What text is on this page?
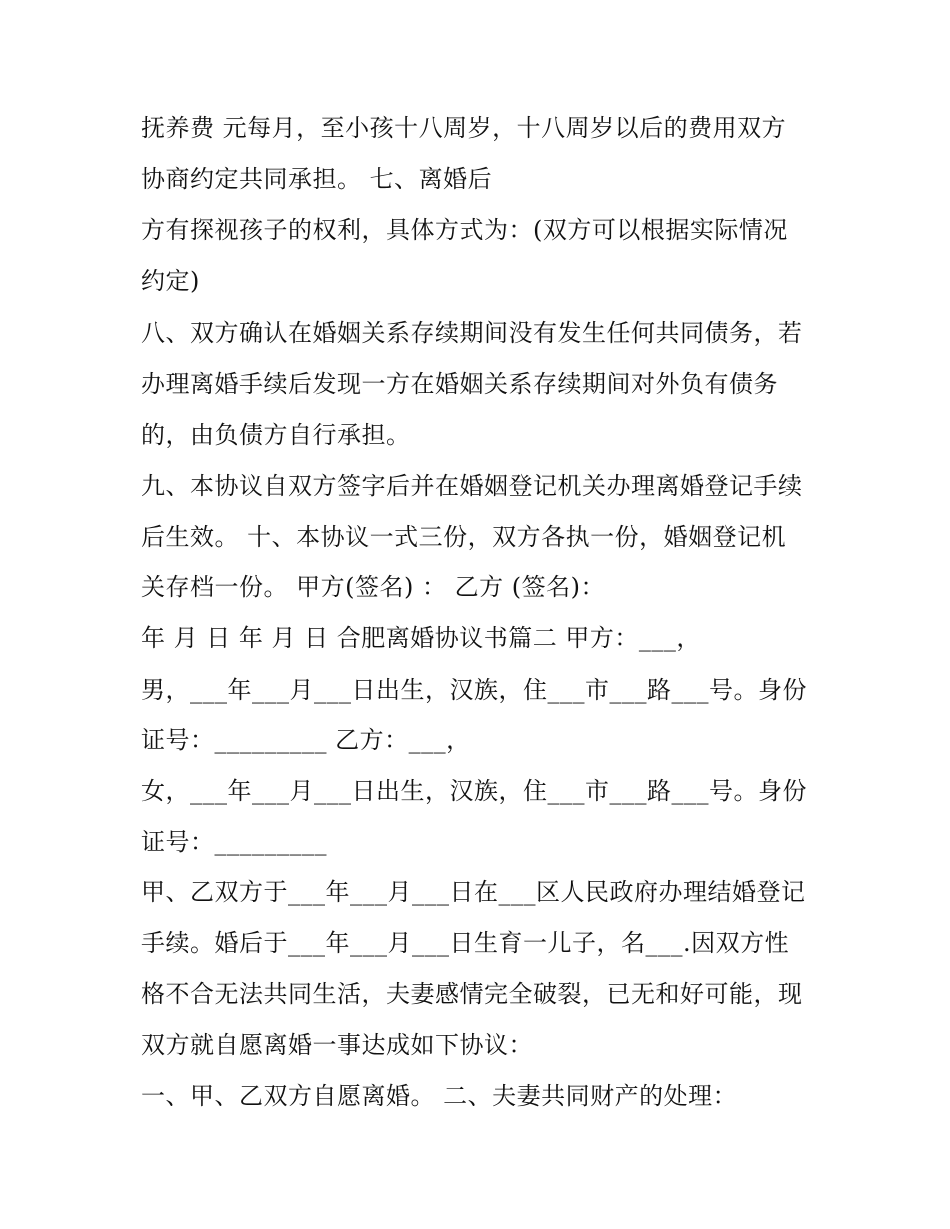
抚养费 元每月，至小孩十八周岁，十八周岁以后的费用双方
协商约定共同承担。 七、离婚后
方有探视孩子的权利，具体方式为：(双方可以根据实际情况
约定)
八、双方确认在婚姻关系存续期间没有发生任何共同债务，若
办理离婚手续后发现一方在婚姻关系存续期间对外负有债务
的，由负债方自行承担。
九、本协议自双方签字后并在婚姻登记机关办理离婚登记手续
后生效。 十、本协议一式三份，双方各执一份，婚姻登记机
关存档一份。 甲方(签名) ： 乙方 (签名)：
年 月 日 年 月 日 合肥离婚协议书篇二 甲方：___，
男，___年___月___日出生，汉族，住___市___路___号。身份
证号：_________ 乙方：___，
女，___年___月___日出生，汉族，住___市___路___号。身份
证号：_________
甲、乙双方于___年___月___日在___区人民政府办理结婚登记
手续。婚后于___年___月___日生育一儿子，名___.因双方性
格不合无法共同生活，夫妻感情完全破裂，已无和好可能，现
双方就自愿离婚一事达成如下协议：
一、甲、乙双方自愿离婚。 二、夫妻共同财产的处理：
